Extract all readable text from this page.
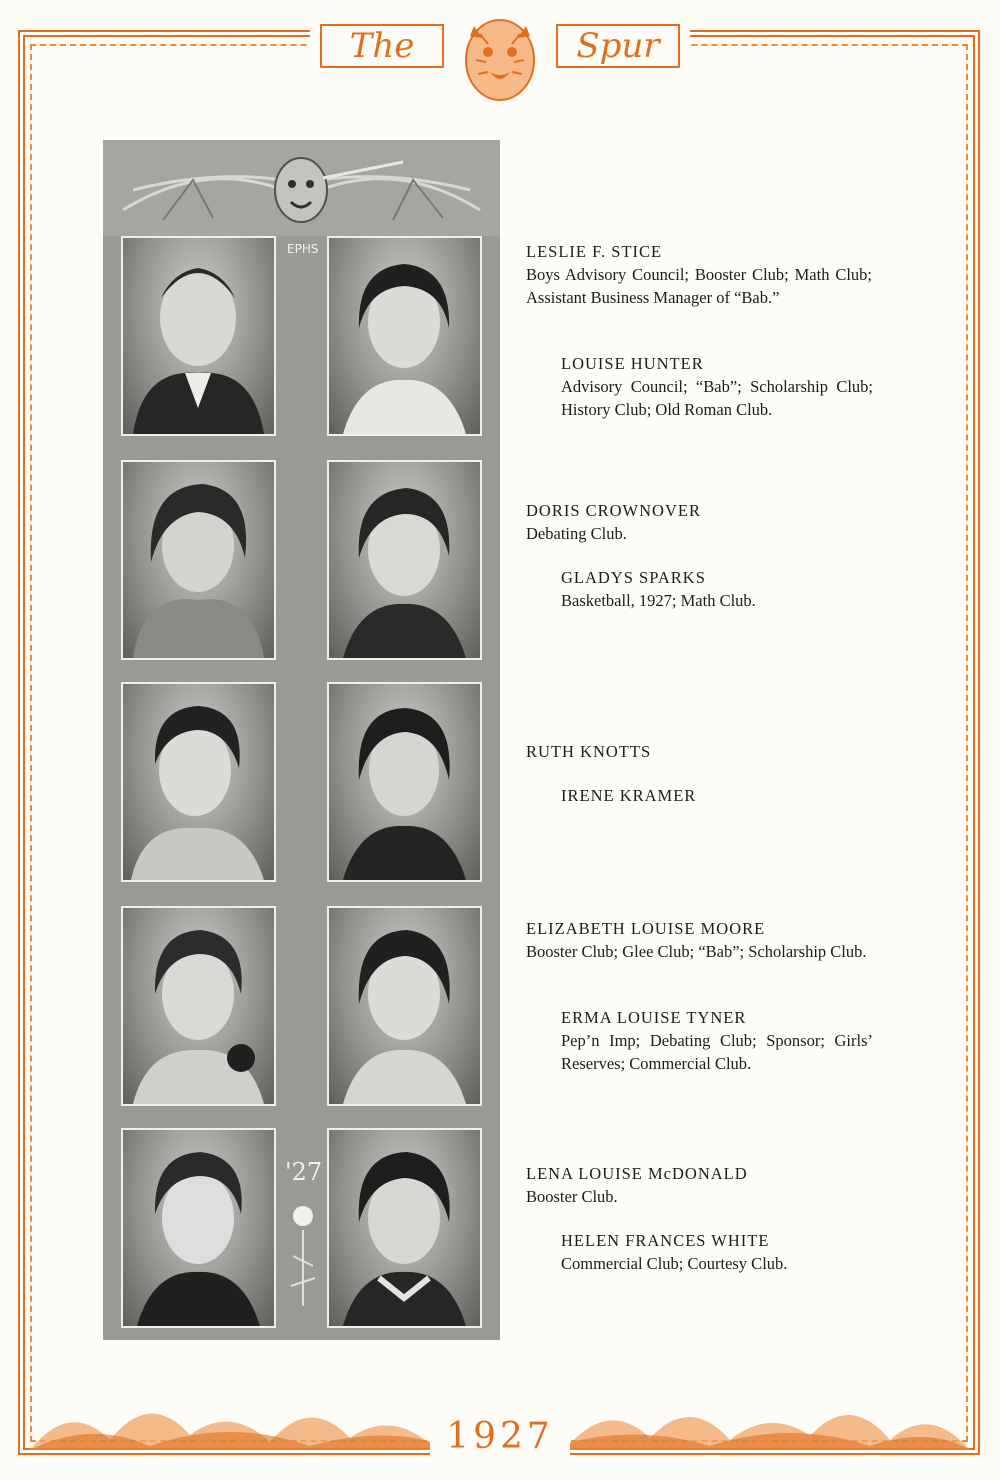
The	Spur
1927
EPHS
'27
LESLIE F. STICE
Boys Advisory Council; Booster Club; Math Club; Assistant Business Manager of “Bab.”
LOUISE HUNTER
Advisory Council; “Bab”; Scholarship Club; History Club; Old Roman Club.
DORIS CROWNOVER
Debating Club.
GLADYS SPARKS
Basketball, 1927; Math Club.
RUTH KNOTTS
IRENE KRAMER
ELIZABETH LOUISE MOORE
Booster Club; Glee Club; “Bab”; Scholarship Club.
ERMA LOUISE TYNER
Pep’n Imp; Debating Club; Sponsor; Girls’ Reserves; Commercial Club.
LENA LOUISE McDONALD
Booster Club.
HELEN FRANCES WHITE
Commercial Club; Courtesy Club.
